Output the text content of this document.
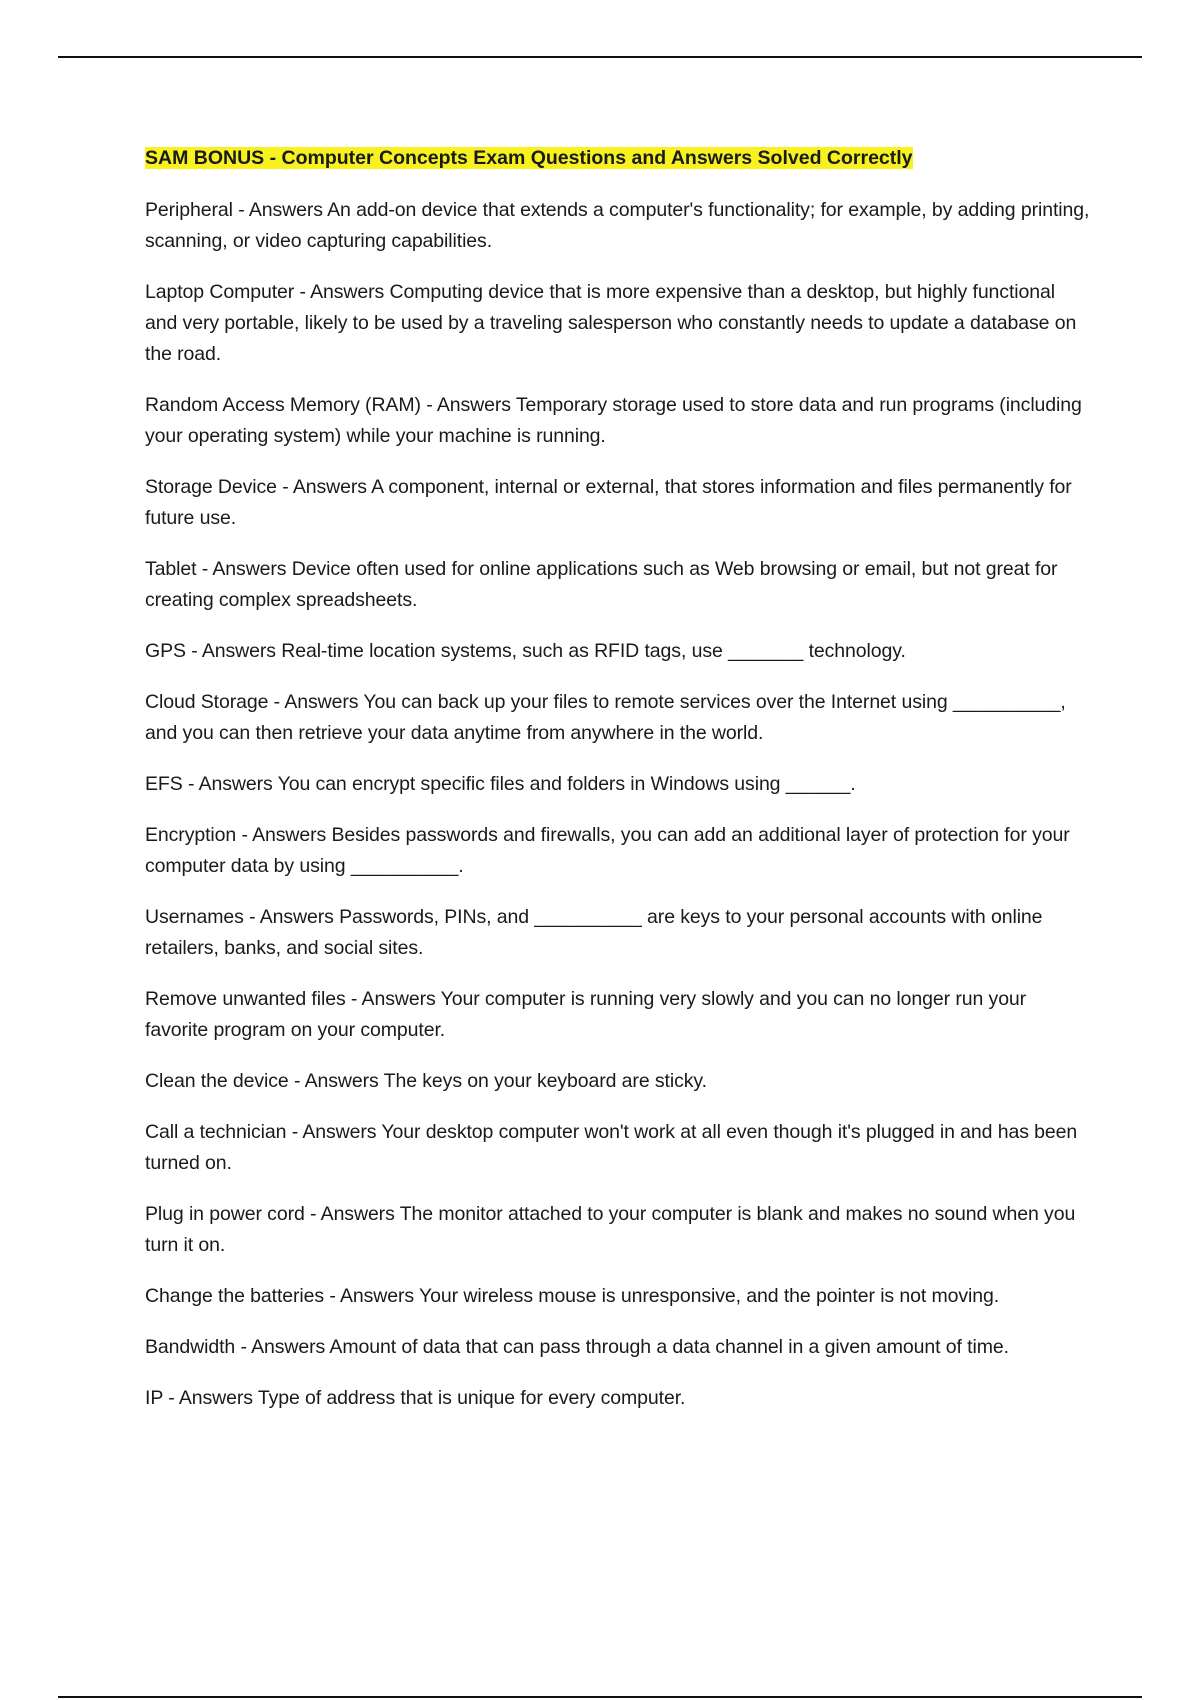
SAM BONUS - Computer Concepts Exam Questions and Answers Solved Correctly

Peripheral - Answers An add-on device that extends a computer's functionality; for example, by adding printing, scanning, or video capturing capabilities.

Laptop Computer - Answers Computing device that is more expensive than a desktop, but highly functional and very portable, likely to be used by a traveling salesperson who constantly needs to update a database on the road.

Random Access Memory (RAM) - Answers Temporary storage used to store data and run programs (including your operating system) while your machine is running.

Storage Device - Answers A component, internal or external, that stores information and files permanently for future use.

Tablet - Answers Device often used for online applications such as Web browsing or email, but not great for creating complex spreadsheets.

GPS - Answers Real-time location systems, such as RFID tags, use _______ technology.

Cloud Storage - Answers You can back up your files to remote services over the Internet using __________, and you can then retrieve your data anytime from anywhere in the world.

EFS - Answers You can encrypt specific files and folders in Windows using ______.

Encryption - Answers Besides passwords and firewalls, you can add an additional layer of protection for your computer data by using __________.

Usernames - Answers Passwords, PINs, and __________ are keys to your personal accounts with online retailers, banks, and social sites.

Remove unwanted files - Answers Your computer is running very slowly and you can no longer run your favorite program on your computer.

Clean the device - Answers The keys on your keyboard are sticky.

Call a technician - Answers Your desktop computer won't work at all even though it's plugged in and has been turned on.

Plug in power cord - Answers The monitor attached to your computer is blank and makes no sound when you turn it on.

Change the batteries - Answers Your wireless mouse is unresponsive, and the pointer is not moving.

Bandwidth - Answers Amount of data that can pass through a data channel in a given amount of time.

IP - Answers Type of address that is unique for every computer.
